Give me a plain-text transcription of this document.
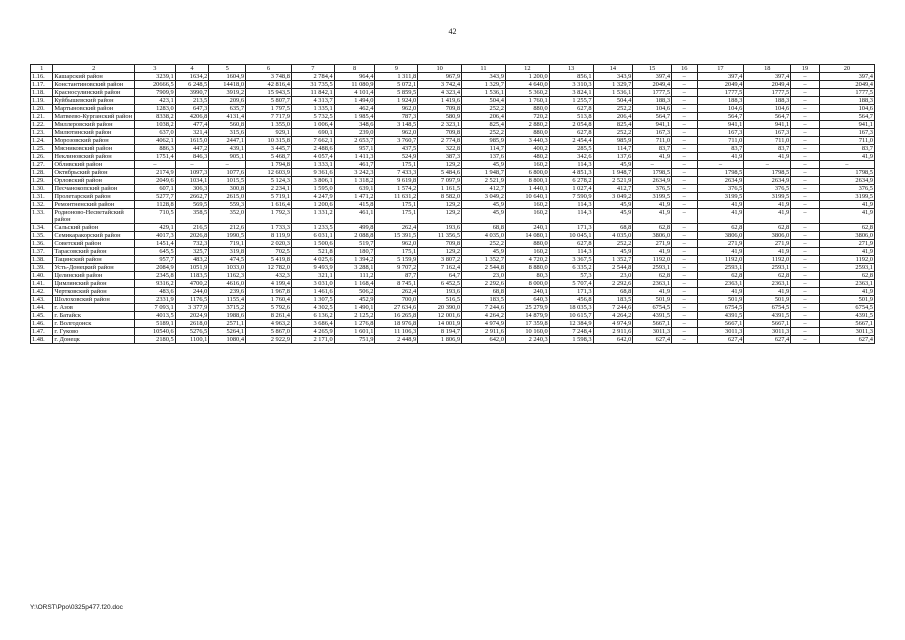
42
1	2	3	4	5	6	7	8	9	10	11	12	13	14	15	16	17	18	19	20
1.16.	Кашарский район	3239,1	1634,2	1604,9	3 748,8	2 784,4	964,4	1 311,8	967,9	343,9	1 200,0	856,1	343,9	397,4	–	397,4	397,4	–	397,4
1.17.	Константиновский район	20666,5	6 248,5	14418,0	42 816,4	31 735,5	11 080,9	5 072,1	3 742,4	1 329,7	4 640,0	3 310,3	1 329,7	2049,4	–	2049,4	2049,4	–	2049,4
1.18.	Красносулинский район	7909,9	3990,7	3919,2	15 943,5	11 842,1	4 101,4	5 859,5	4 323,4	1 536,1	5 360,2	3 824,1	1 536,1	1777,5	–	1777,5	1777,5	–	1777,5
1.19.	Куйбышевский район	423,1	213,5	209,6	5 807,7	4 313,7	1 494,0	1 924,0	1 419,6	504,4	1 760,1	1 255,7	504,4	188,3	–	188,3	188,3	–	188,3
1.20.	Мартыновский район	1283,0	647,3	635,7	1 797,5	1 335,1	462,4	962,0	709,8	252,2	880,0	627,8	252,2	104,6	–	104,6	104,6	–	104,6
1.21.	Матвеево-Курганский район	8338,2	4206,8	4131,4	7 717,9	5 732,5	1 985,4	787,3	580,9	206,4	720,2	513,8	206,4	564,7	–	564,7	564,7	–	564,7
1.22.	Миллеровский район	1038,2	477,4	560,8	1 355,0	1 006,4	348,6	3 148,5	2 323,1	825,4	2 880,2	2 054,8	825,4	941,1	–	941,1	941,1	–	941,1
1.23.	Милютинский район	637,0	321,4	315,6	929,1	690,1	239,0	962,0	709,8	252,2	880,0	627,8	252,2	167,3	–	167,3	167,3	–	167,3
1.24.	Морозовский район	4062,1	1615,0	2447,1	10 315,8	7 662,1	2 653,7	3 760,7	2 774,8	985,9	3 440,3	2 454,4	985,9	711,0	–	711,0	711,0	–	711,0
1.25.	Мясниковский район	886,3	447,2	439,1	3 445,7	2 488,6	957,1	437,5	322,8	114,7	400,2	285,5	114,7	83,7	–	83,7	83,7	–	83,7
1.26.	Неклиновский район	1751,4	846,3	905,1	5 468,7	4 057,4	1 411,3	524,9	387,3	137,6	480,2	342,6	137,6	41,9	–	41,9	41,9	–	41,9
1.27.	Обливский район	–	–	–	1 794,8	1 333,1	461,7	175,1	129,2	45,9	160,2	114,3	45,9	–	–	–	–	–	–
1.28.	Октябрьский район	2174,9	1097,3	1077,6	12 603,9	9 361,6	3 242,3	7 433,3	5 484,6	1 948,7	6 800,0	4 851,3	1 948,7	1798,5	–	1798,5	1798,5	–	1798,5
1.29.	Орловский район	2049,6	1034,1	1015,5	5 124,3	3 806,1	1 318,2	9 619,8	7 097,9	2 521,9	8 800,1	6 278,2	2 521,9	2634,9	–	2634,9	2634,9	–	2634,9
1.30.	Песчанокопский район	607,1	306,3	300,8	2 234,1	1 595,0	639,1	1 574,2	1 161,5	412,7	1 440,1	1 027,4	412,7	376,5	–	376,5	376,5	–	376,5
1.31.	Пролетарский район	5277,7	2662,7	2615,0	5 719,1	4 247,9	1 471,2	11 631,2	8 582,0	3 049,2	10 640,1	7 590,9	3 049,2	3199,5	–	3199,5	3199,5	–	3199,5
1.32.	Ремонтненский район	1128,8	569,5	559,3	1 616,4	1 200,6	415,8	175,1	129,2	45,9	160,2	114,3	45,9	41,9	–	41,9	41,9	–	41,9
1.33.	Родионово-Несветайский район	710,5	358,5	352,0	1 792,3	1 331,2	461,1	175,1	129,2	45,9	160,2	114,3	45,9	41,9	–	41,9	41,9	–	41,9
1.34.	Сальский район	429,1	216,5	212,6	1 733,3	1 233,5	499,8	262,4	193,6	68,8	240,1	171,3	68,8	62,8	–	62,8	62,8	–	62,8
1.35.	Семикаракорский район	4017,3	2026,8	1990,5	8 119,9	6 031,1	2 088,8	15 391,5	11 356,5	4 035,0	14 080,1	10 045,1	4 035,0	3806,0	–	3806,0	3806,0	–	3806,0
1.36.	Советский район	1451,4	732,3	719,1	2 020,3	1 500,6	519,7	962,0	709,8	252,2	880,0	627,8	252,2	271,9	–	271,9	271,9	–	271,9
1.37.	Тарасовский район	645,5	325,7	319,8	702,5	521,8	180,7	175,1	129,2	45,9	160,2	114,3	45,9	41,9	–	41,9	41,9	–	41,9
1.38.	Тацинский район	957,7	483,2	474,5	5 419,8	4 025,6	1 394,2	5 159,9	3 807,2	1 352,7	4 720,2	3 367,5	1 352,7	1192,0	–	1192,0	1192,0	–	1192,0
1.39.	Усть-Донецкий район	2084,9	1051,9	1033,0	12 782,0	9 493,9	3 288,1	9 707,2	7 162,4	2 544,8	8 880,0	6 335,2	2 544,8	2593,1	–	2593,1	2593,1	–	2593,1
1.40.	Целинский район	2345,8	1183,5	1162,3	432,3	321,1	111,2	87,7	64,7	23,0	80,3	57,3	23,0	62,8	–	62,8	62,8	–	62,8
1.41.	Цимлянский район	9316,2	4700,2	4616,0	4 199,4	3 031,0	1 168,4	8 745,1	6 452,5	2 292,6	8 000,0	5 707,4	2 292,6	2363,1	–	2363,1	2363,1	–	2363,1
1.42.	Чертковский район	483,6	244,0	239,6	1 967,8	1 461,6	506,2	262,4	193,6	68,8	240,1	171,3	68,8	41,9	–	41,9	41,9	–	41,9
1.43.	Шолоховский район	2331,9	1176,5	1155,4	1 760,4	1 307,5	452,9	700,0	516,5	183,5	640,3	456,8	183,5	501,9	–	501,9	501,9	–	501,9
1.44.	г. Азов	7 093,1	3 377,9	3715,2	5 792,6	4 302,5	1 490,1	27 634,6	20 390,0	7 244,6	25 279,9	18 035,3	7 244,6	6754,5	–	6754,5	6754,5	–	6754,5
1.45.	г. Батайск	4013,5	2024,9	1988,6	8 261,4	6 136,2	2 125,2	16 265,8	12 001,6	4 264,2	14 879,9	10 615,7	4 264,2	4391,5	–	4391,5	4391,5	–	4391,5
1.46.	г. Волгодонск	5189,1	2618,0	2571,1	4 963,2	3 686,4	1 276,8	18 976,8	14 001,9	4 974,9	17 359,8	12 384,9	4 974,9	5667,1	–	5667,1	5667,1	–	5667,1
1.47.	г. Гуково	10540,6	5276,5	5264,1	5 867,0	4 265,9	1 601,1	11 106,3	8 194,7	2 911,6	10 160,0	7 248,4	2 911,6	3011,3	–	3011,3	3011,3	–	3011,3
1.48.	г. Донецк	2180,5	1100,1	1080,4	2 922,9	2 171,0	751,9	2 448,9	1 806,9	642,0	2 240,3	1 598,3	642,0	627,4	–	627,4	627,4	–	627,4
Y:\ORST\Ppo\0325p477.f20.doc
